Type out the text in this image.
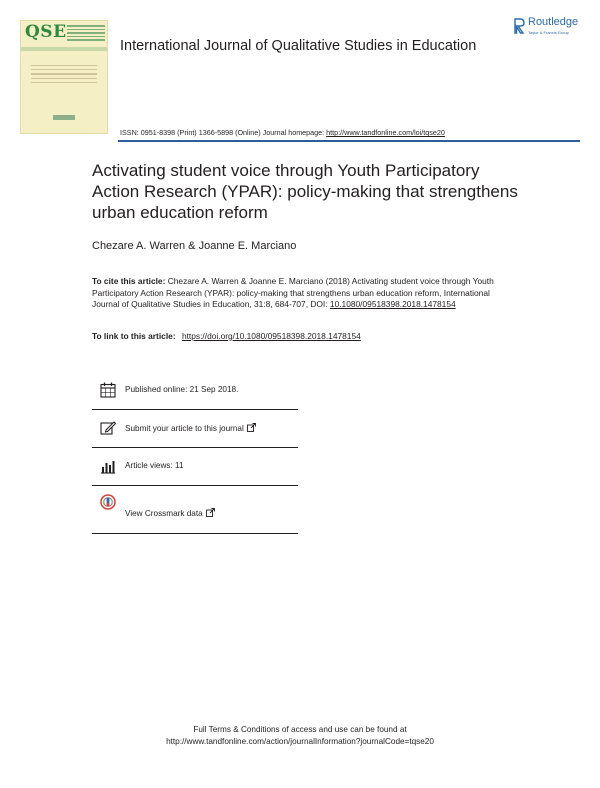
QSE
International Journal of Qualitative Studies in Education
Routledge
Taylor & Francis Group
ISSN: 0951-8398 (Print) 1366-5898 (Online) Journal homepage: http://www.tandfonline.com/loi/tqse20
Activating student voice through Youth Participatory Action Research (YPAR): policy-making that strengthens urban education reform
Chezare A. Warren & Joanne E. Marciano
To cite this article: Chezare A. Warren & Joanne E. Marciano (2018) Activating student voice through Youth Participatory Action Research (YPAR): policy-making that strengthens urban education reform, International Journal of Qualitative Studies in Education, 31:8, 684-707, DOI: 10.1080/09518398.2018.1478154
To link to this article: https://doi.org/10.1080/09518398.2018.1478154
Published online: 21 Sep 2018.
Submit your article to this journal
Article views: 11
View Crossmark data
Full Terms & Conditions of access and use can be found at
http://www.tandfonline.com/action/journalInformation?journalCode=tqse20
